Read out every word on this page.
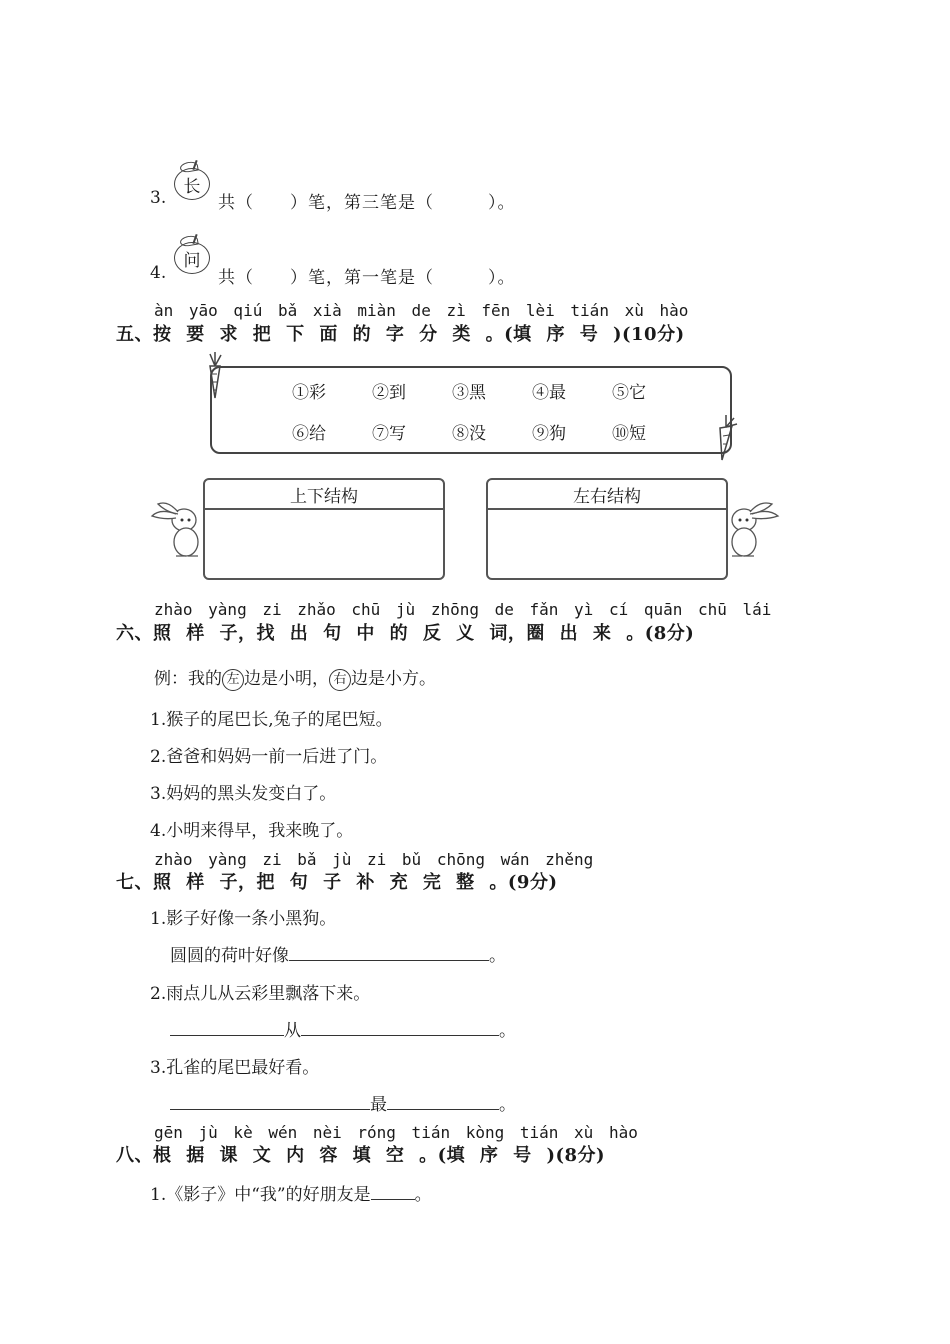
3.
长
共（　　）笔，第三笔是（　　　）。
4.
问
共（　　）笔，第一笔是（　　　）。
àn yāo qiú bǎ xià miàn de zì fēn lèi tián xù hào
五、按 要 求 把 下 面 的 字 分 类 。(填 序 号 )(10分)
①彩	②到	③黑	④最	⑤它
⑥给	⑦写	⑧没	⑨狗	⑩短
上下结构	左右结构
zhào yàng zi zhǎo chū jù zhōng de fǎn yì cí quān chū lái
六、照 样 子，找 出 句 中 的 反 义 词，圈 出 来 。(8分)
例：我的 左 边是小明， 右 边是小方。
1.猴子的尾巴长,兔子的尾巴短。
2.爸爸和妈妈一前一后进了门。
3.妈妈的黑头发变白了。
4.小明来得早，我来晚了。
zhào yàng zi bǎ jù zi bǔ chōng wán zhěng
七、照 样 子，把 句 子 补 充 完 整 。(9分)
1.影子好像一条小黑狗。
圆圆的荷叶好像	。
2.雨点儿从云彩里飘落下来。
从	。
3.孔雀的尾巴最好看。
最	。
gēn jù kè wén nèi róng tián kòng tián xù hào
八、根 据 课 文 内 容 填 空 。(填 序 号 )(8分)
1.《影子》中“我”的好朋友是	。
